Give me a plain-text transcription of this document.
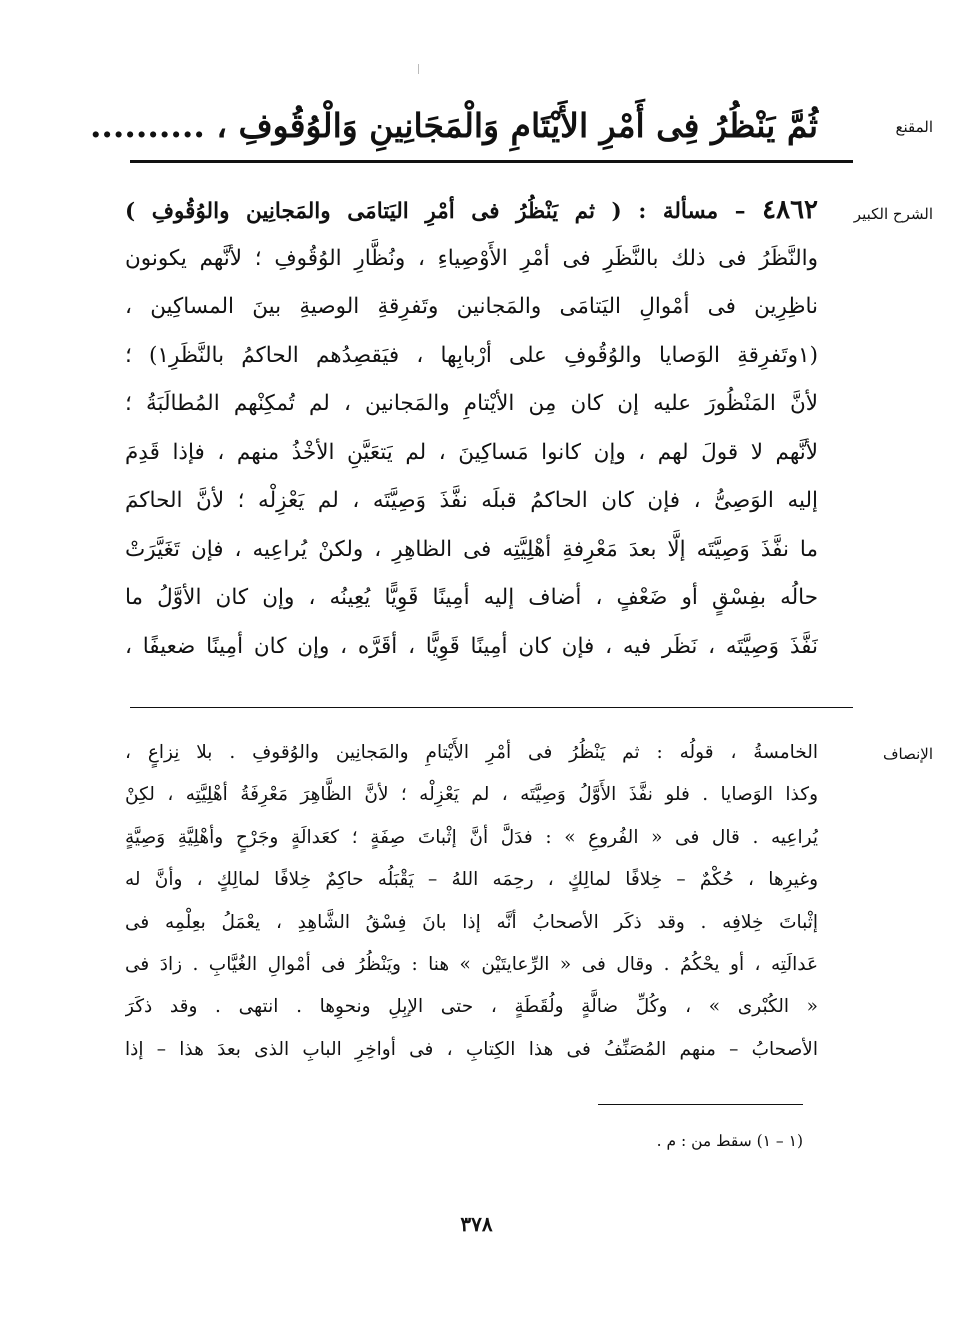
المقنع
ثُمَّ يَنْظُرُ فِى أَمْرِ الأَيْتَامِ وَالْمَجَانِينِ وَالْوُقُوفِ ، ..........
الشرح الكبير
٤٨٦٢ – مسألة : ( ثم يَنْظُرُ فى أمْرِ اليَتامَى والمَجانِين والوُقُوفِ )
والنَّظَرُ فى ذلك بالنَّظَرِ فى أمْرِ الأَوْصِياءِ ، ونُظَّارِ الوُقُوفِ ؛ لأنَّهم يكونون
ناظِرِين فى أمْوالِ اليَتامَى والمَجانين وتَفرِقةِ الوصيةِ بينَ المساكِين ،
(١وتَفرِقةِ الوَصايا والوُقُوفِ على أرْبابِها ، فيَقصِدُهم الحاكمُ بالنَّظَرِ١) ؛
لأنَّ المَنْظُورَ عليه إن كان مِن الأيْتامِ والمَجانين ، لم تُمكِنْهم المُطالَبَةُ ؛
لأنَّهم لا قولَ لهم ، وإن كانوا مَساكِينَ ، لم يَتعَيَّنِ الأخْذُ منهم ، فإذا قَدِمَ
إليه الوَصِىُّ ، فإن كان الحاكمُ قبلَه نفَّذَ وَصِيَّتَه ، لم يَعْزِلْه ؛ لأنَّ الحاكمَ
ما نفَّذَ وَصِيَّتَه إلَّا بعدَ مَعْرِفةِ أهْلِيَّتِه فى الظاهِرِ ، ولكنْ يُراعِيه ، فإن تَغَيَّرَتْ
حالُه بفِسْقٍ أو ضَعْفٍ ، أضاف إليه أمِينًا قَوِيًّا يُعِينُه ، وإن كان الأوَّلُ ما
نَفَّذَ وَصِيَّتَه ، نَظَر فيه ، فإن كان أمِينًا قَوِيًّا ، أقَرَّه ، وإن كان أمِينًا ضعيفًا ،
الإنصاف
الخامسةُ ، قولُه : ثم يَنْظُرُ فى أمْرِ الأَيْتامِ والمَجانِين والوُقوفِ . بلا نِزاعٍ ،
وكذا الوَصايا . فلو نفَّذَ الأَوَّلُ وَصِيَّتَه ، لم يَعْزِلْه ؛ لأنَّ الظَّاهِرَ مَعْرِفَةُ أهْلِيَّتِه ، لكِنْ
يُراعِيه . قال فى « الفُروعِ » : فدَلَّ أنَّ إثْباتَ صِفَةٍ ؛ كعَدالَةٍ وجَرْحٍ وأهْلِيَّةِ وَصِيَّةٍ
وغيرِها ، حُكْمٌ – خِلافًا لمالِكٍ ، رحِمَه اللهُ – يَقْبَلُه حاكِمٌ خِلافًا لمالِكٍ ، وأنَّ له
إثْباتَ خِلافِه . وقد ذكَر الأصحابُ أنَّه إذا بانَ فِسْقُ الشَّاهِدِ ، يعْمَلُ بعِلْمِه فى
عَدالَتِه ، أو يحْكُمُ . وقال فى « الرِّعايتَيْن » هنا : ويَنْظُرُ فى أمْوالِ الغُيَّابِ . زادَ فى
« الكُبْرى » ، وكُلِّ ضالَّةٍ ولُقَطَةٍ ، حتى الإبِلِ ونحوِها . انتهى . وقد ذكَرَ
الأصحابُ – منهم المُصَنِّفُ فى هذا الكِتابِ ، فى أواخِرِ البابِ الذى بعدَ هذا – إذا
(١ – ١) سقط من : م .
٣٧٨
